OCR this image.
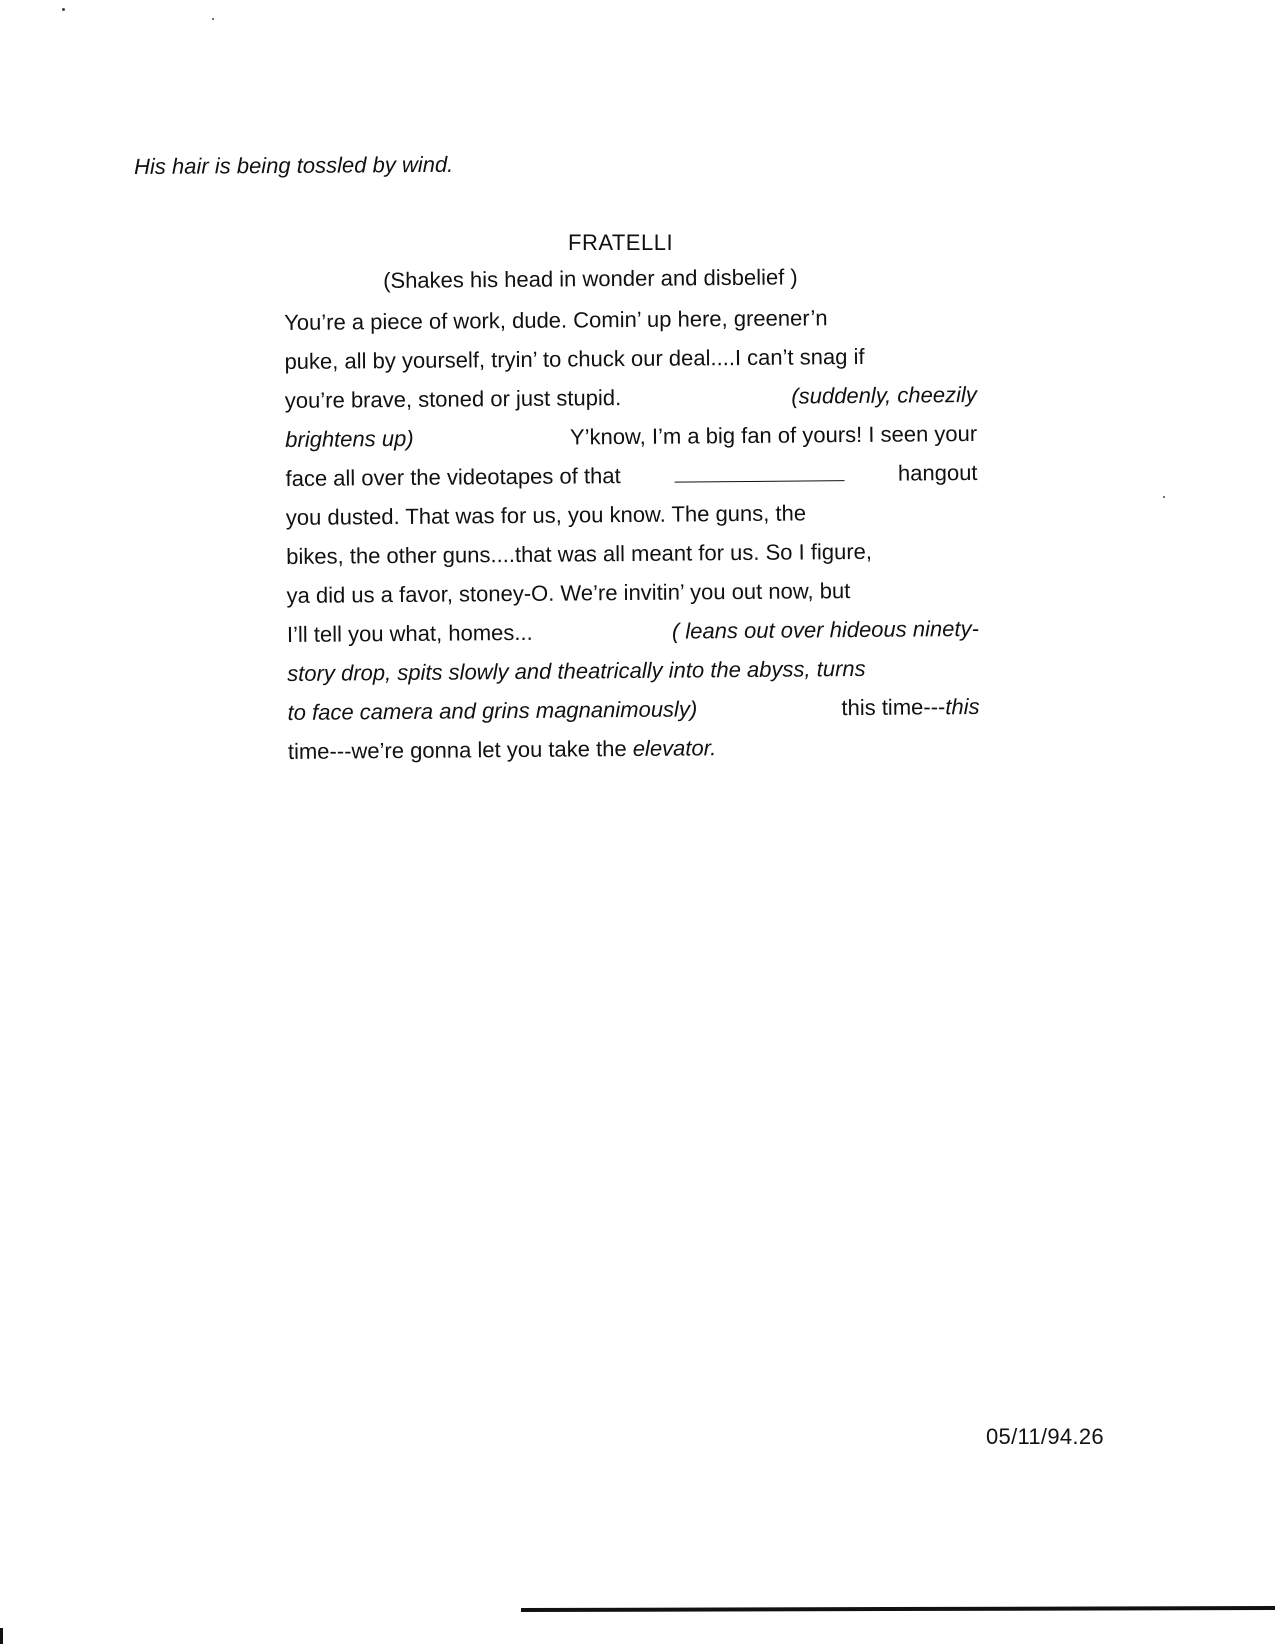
His hair is being tossled by wind.
FRATELLI
(Shakes his head in wonder and disbelief )
You’re a piece of work, dude. Comin’ up here, greener’n
puke, all by yourself, tryin’ to chuck our deal....I can’t snag if
you’re brave, stoned or just stupid.	(suddenly, cheezily
brightens up)	Y’know, I’m a big fan of yours! I seen your
face all over the videotapes of that	hangout
you dusted. That was for us, you know. The guns, the
bikes, the other guns....that was all meant for us. So I figure,
ya did us a favor, stoney-O. We’re invitin’ you out now, but
I’ll tell you what, homes...	( leans out over hideous ninety-
story drop, spits slowly and theatrically into the abyss, turns
to face camera and grins magnanimously)	this time---this
time---we’re gonna let you take the
elevator.
05/11/94.26
